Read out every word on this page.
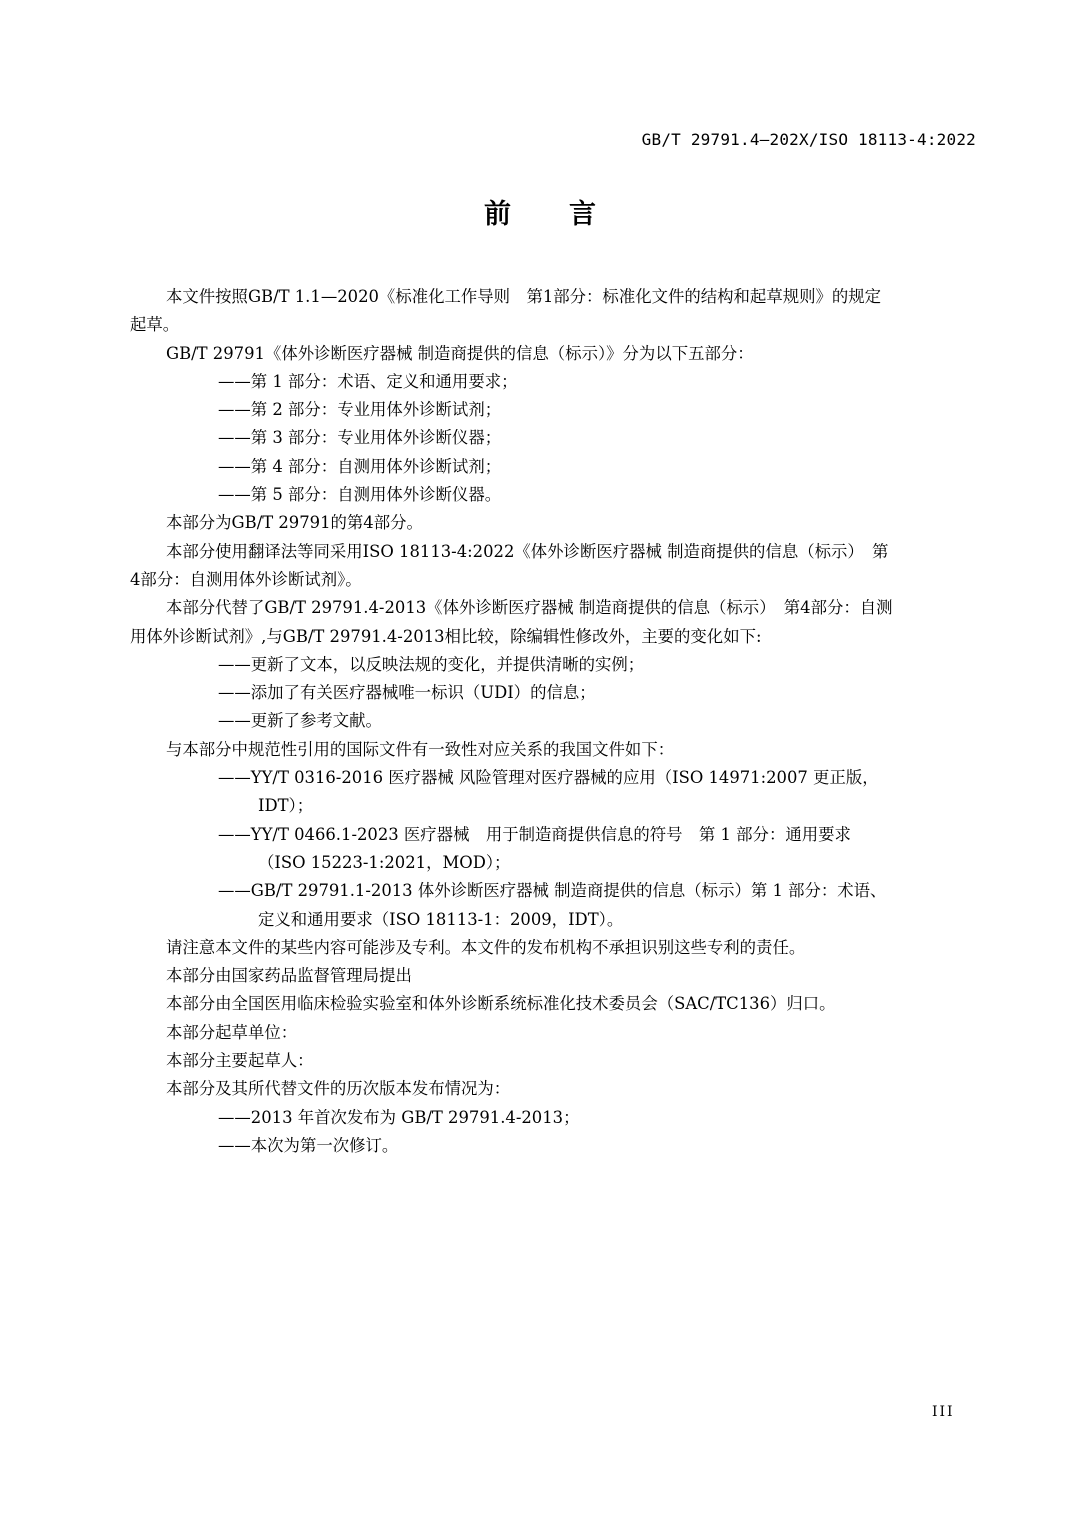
GB/T 29791.4—202X/ISO 18113-4:2022
前言

本文件按照GB/T 1.1—2020《标准化工作导则　第1部分：标准化文件的结构和起草规则》的规定

起草。

GB/T 29791《体外诊断医疗器械 制造商提供的信息（标示）》分为以下五部分：

——第 1 部分：术语、定义和通用要求；

——第 2 部分：专业用体外诊断试剂；

——第 3 部分：专业用体外诊断仪器；

——第 4 部分：自测用体外诊断试剂；

——第 5 部分：自测用体外诊断仪器。

本部分为GB/T 29791的第4部分。

本部分使用翻译法等同采用ISO 18113-4:2022《体外诊断医疗器械 制造商提供的信息（标示）　第

4部分：自测用体外诊断试剂》。

本部分代替了GB/T 29791.4-2013《体外诊断医疗器械 制造商提供的信息（标示）　第4部分：自测

用体外诊断试剂》,与GB/T 29791.4-2013相比较，除编辑性修改外，主要的变化如下:

——更新了文本，以反映法规的变化，并提供清晰的实例；

——添加了有关医疗器械唯一标识（UDI）的信息；

——更新了参考文献。

与本部分中规范性引用的国际文件有一致性对应关系的我国文件如下：

——YY/T 0316-2016 医疗器械 风险管理对医疗器械的应用（ISO 14971:2007 更正版，

IDT）；

——YY/T 0466.1-2023 医疗器械　用于制造商提供信息的符号　第 1 部分：通用要求

（ISO 15223-1:2021，MOD）；

——GB/T 29791.1-2013 体外诊断医疗器械 制造商提供的信息（标示）第 1 部分：术语、

定义和通用要求（ISO 18113-1：2009，IDT）。

请注意本文件的某些内容可能涉及专利。本文件的发布机构不承担识别这些专利的责任。

本部分由国家药品监督管理局提出

本部分由全国医用临床检验实验室和体外诊断系统标准化技术委员会（SAC/TC136）归口。

本部分起草单位：

本部分主要起草人：

本部分及其所代替文件的历次版本发布情况为：

——2013 年首次发布为 GB/T 29791.4-2013；

——本次为第一次修订。

III
